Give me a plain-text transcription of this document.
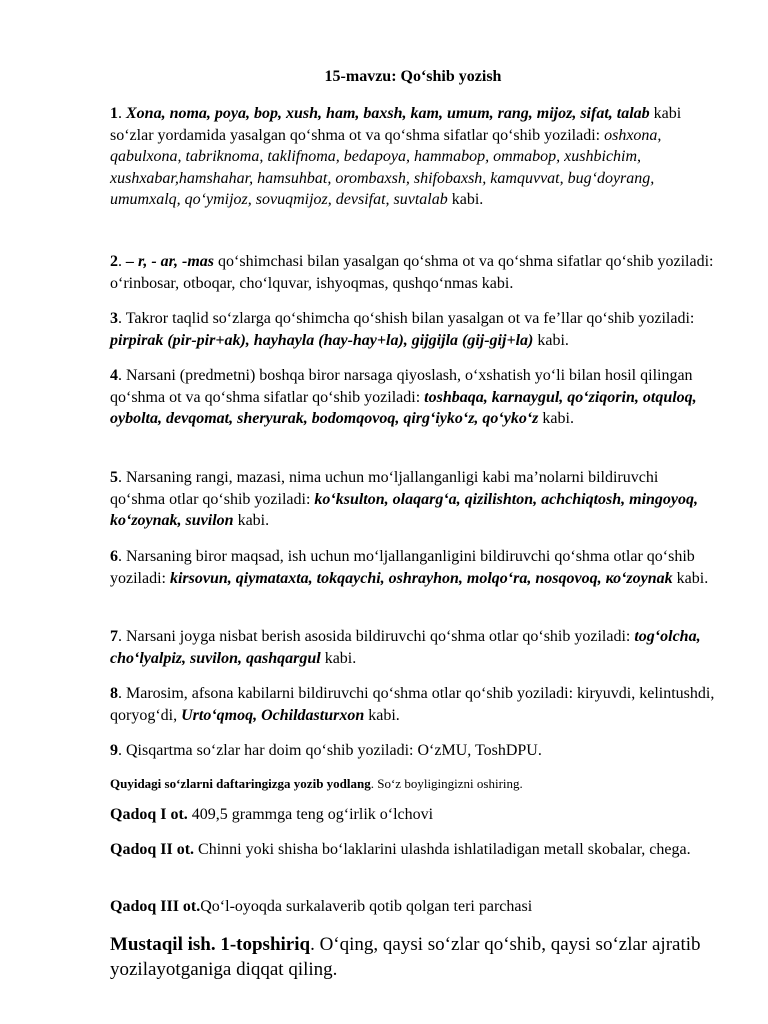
15-mavzu: Qo‘shib yozish
1. Xona, noma, poya, bop, xush, ham, baxsh, kam, umum, rang, mijoz, sifat, talab kabi so‘zlar yordamida yasalgan qo‘shma ot va qo‘shma sifatlar qo‘shib yoziladi: oshxona, qabulxona, tabriknoma, taklifnoma, bedapoya, hammabop, ommabop, xushbichim, xushxabar,hamshahar, hamsuhbat, orombaxsh, shifobaxsh, kamquvvat, bug‘doyrang, umumxalq, qo‘ymijoz, sovuqmijoz, devsifat, suvtalab kabi.
2. – r, - ar, -mas qo‘shimchasi bilan yasalgan qo‘shma ot va qo‘shma sifatlar qo‘shib yoziladi: o‘rinbosar, otboqar, cho‘lquvar, ishyoqmas, qushqo‘nmas kabi.
3. Takror taqlid so‘zlarga qo‘shimcha qo‘shish bilan yasalgan ot va fe’llar qo‘shib yoziladi: pirpirak (pir-pir+ak), hayhayla (hay-hay+la), gijgijla (gij-gij+la) kabi.
4. Narsani (predmetni) boshqa biror narsaga qiyoslash, o‘xshatish yo‘li bilan hosil qilingan qo‘shma ot va qo‘shma sifatlar qo‘shib yoziladi: toshbaqa, karnaygul, qo‘ziqorin, otquloq, oybolta, devqomat, sheryurak, bodomqovoq, qirg‘iyko‘z, qo‘yko‘z kabi.
5. Narsaning rangi, mazasi, nima uchun mo‘ljallanganligi kabi ma’nolarni bildiruvchi qo‘shma otlar qo‘shib yoziladi: ko‘ksulton, olaqarg‘a, qizilishton, achchiqtosh, mingoyoq, ko‘zoynak, suvilon kabi.
6. Narsaning biror maqsad, ish uchun mo‘ljallanganligini bildiruvchi qo‘shma otlar qo‘shib yoziladi: kirsovun, qiymataxta, tokqaychi, oshrayhon, molqo‘ra, nosqovoq, ко‘zoynak kabi.
7. Narsani joyga nisbat berish asosida bildiruvchi qo‘shma otlar qo‘shib yoziladi: tog‘olcha, cho‘lyalpiz, suvilon, qashqargul kabi.
8. Marosim, afsona kabilarni bildiruvchi qo‘shma otlar qo‘shib yoziladi: kiryuvdi, kelintushdi, qoryog‘di, Urto‘qmoq, Ochildasturxon kabi.
9. Qisqartma so‘zlar har doim qo‘shib yoziladi: O‘zMU, ToshDPU.
Quyidagi so‘zlarni daftaringizga yozib yodlang. So‘z boyligingizni oshiring.
Qadoq I ot. 409,5 grammga teng og‘irlik o‘lchovi
Qadoq II ot. Chinni yoki shisha bo‘laklarini ulashda ishlatiladigan metall skobalar, chega.
Qadoq III ot.Qo‘l-oyoqda surkalaverib qotib qolgan teri parchasi
Mustaqil ish. 1-topshiriq. O‘qing, qaysi so‘zlar qo‘shib, qaysi so‘zlar ajratib yozilayotganiga diqqat qiling.
